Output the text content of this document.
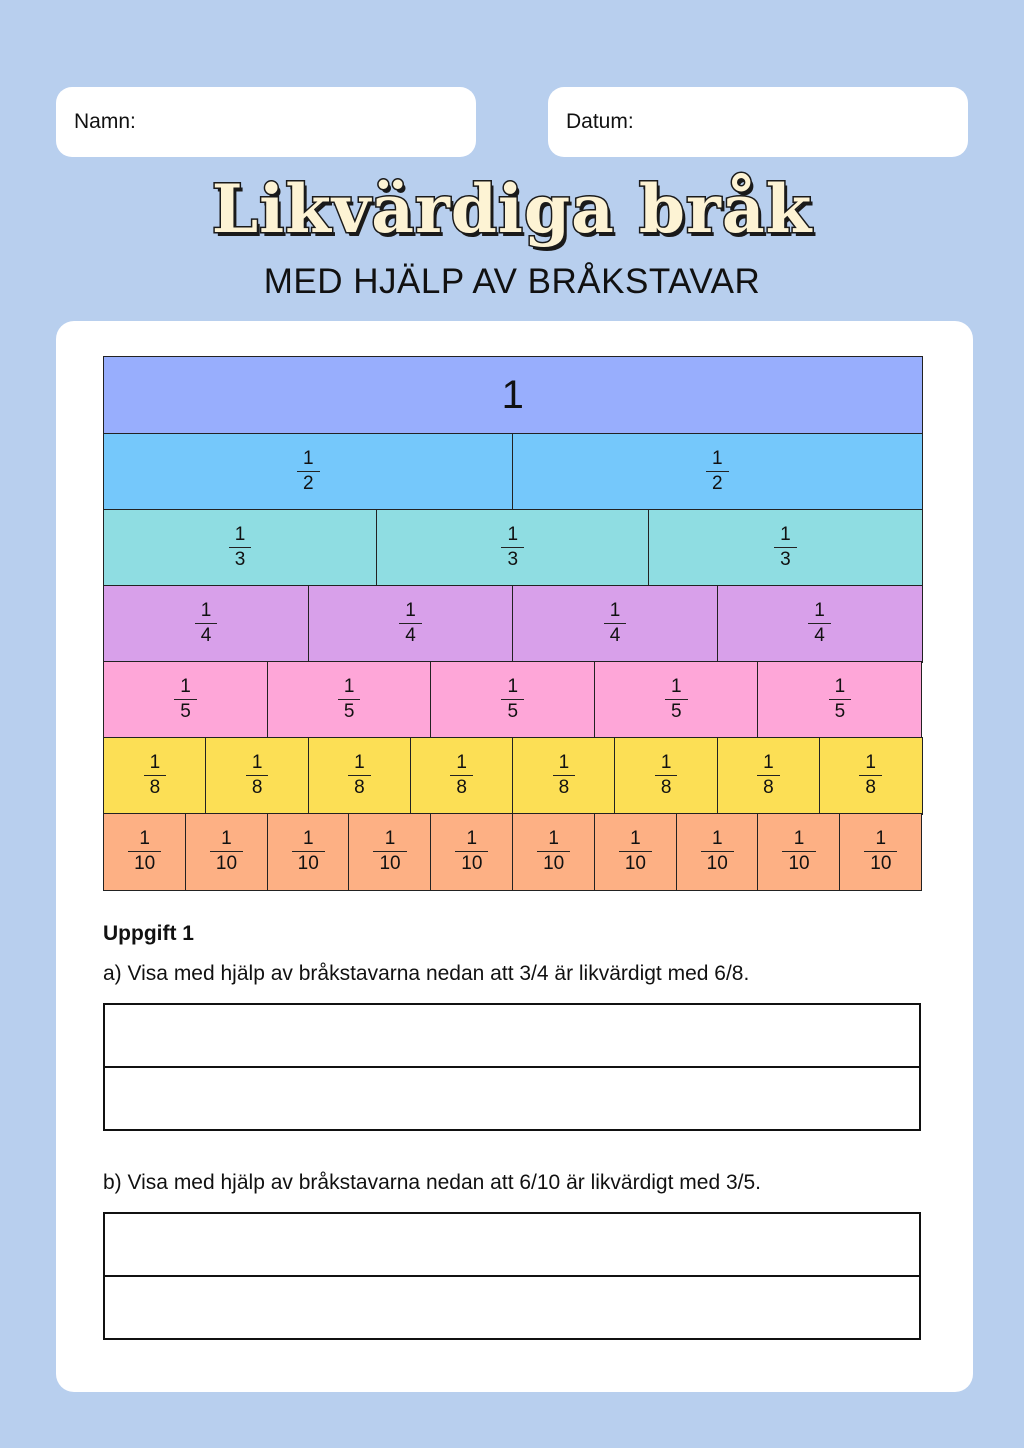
Namn:	Datum:
Likvärdiga bråk
MED HJÄLP AV BRÅKSTAVAR
1
$\frac{1}{2}$	$\frac{1}{2}$
$\frac{1}{3}$	$\frac{1}{3}$	$\frac{1}{3}$
$\frac{1}{4}$	$\frac{1}{4}$	$\frac{1}{4}$	$\frac{1}{4}$
$\frac{1}{5}$	$\frac{1}{5}$	$\frac{1}{5}$	$\frac{1}{5}$	$\frac{1}{5}$
$\frac{1}{8}$	$\frac{1}{8}$	$\frac{1}{8}$	$\frac{1}{8}$	$\frac{1}{8}$	$\frac{1}{8}$	$\frac{1}{8}$	$\frac{1}{8}$
$\frac{1}{10}$	$\frac{1}{10}$	$\frac{1}{10}$	$\frac{1}{10}$	$\frac{1}{10}$	$\frac{1}{10}$	$\frac{1}{10}$	$\frac{1}{10}$	$\frac{1}{10}$	$\frac{1}{10}$
Uppgift 1
a) Visa med hjälp av bråkstavarna nedan att 3/4 är likvärdigt med 6/8.
b) Visa med hjälp av bråkstavarna nedan att 6/10 är likvärdigt med 3/5.
